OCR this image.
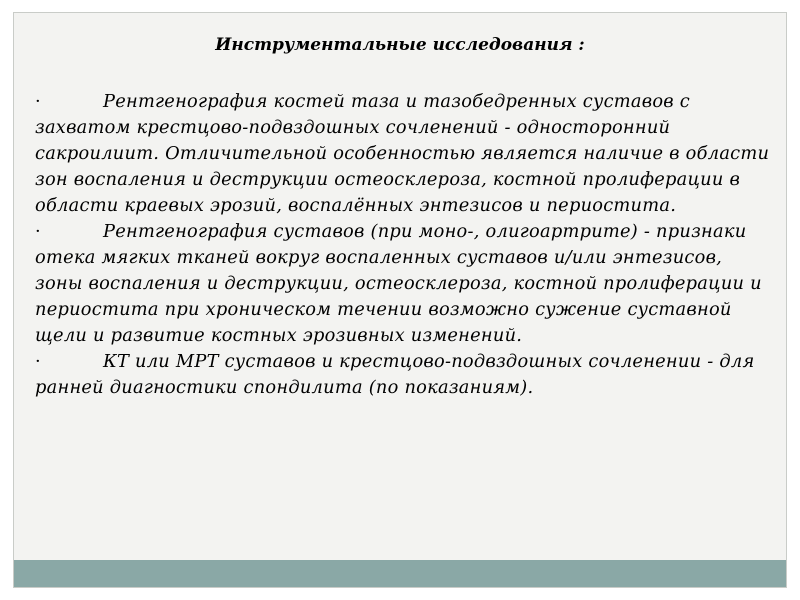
Инструментальные исследования :

·	Рентгенография костей таза и тазобедренных суставов с захватом крестцово-подвздошных сочленений - односторонний сакроилиит. Отличительной особенностью является наличие в области зон воспаления и деструкции остеосклероза, костной пролиферации в области краевых эрозий, воспалённых энтезисов и периостита.

·	Рентгенография суставов (при моно-, олигоартрите) - признаки отека мягких тканей вокруг воспаленных суставов и/или энтезисов, зоны воспаления и деструкции, остеосклероза, костной пролиферации и периостита при хроническом течении возможно сужение суставной щели и развитие костных эрозивных изменений.

·	КТ или МРТ суставов и крестцово-подвздошных сочленении - для ранней диагностики спондилита (по показаниям).
